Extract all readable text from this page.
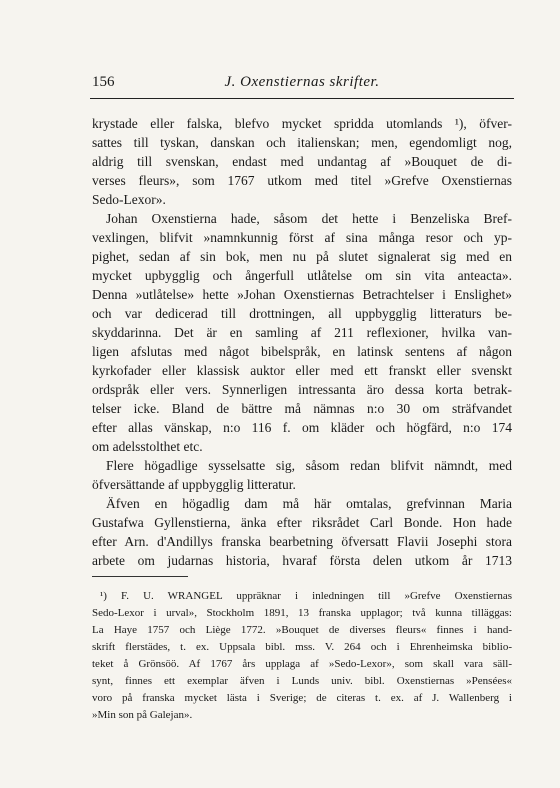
156	J. Oxenstiernas skrifter.
krystade eller falska, blefvo mycket spridda utomlands ¹), öfver-
sattes till tyskan, danskan och italienskan; men, egendomligt nog,
aldrig till svenskan, endast med undantag af »Bouquet de di-
verses fleurs», som 1767 utkom med titel »Grefve Oxenstiernas
Sedo-Lexor».
Johan Oxenstierna hade, såsom det hette i Benzeliska Bref-
vexlingen, blifvit »namnkunnig först af sina många resor och yp-
pighet, sedan af sin bok, men nu på slutet signalerat sig med en
mycket upbygglig och ångerfull utlåtelse om sin vita anteacta».
Denna »utlåtelse» hette »Johan Oxenstiernas Betrachtelser i Enslighet»
och var dedicerad till drottningen, all uppbygglig litteraturs be-
skyddarinna. Det är en samling af 211 reflexioner, hvilka van-
ligen afslutas med något bibelspråk, en latinsk sentens af någon
kyrkofader eller klassisk auktor eller med ett franskt eller svenskt
ordspråk eller vers. Synnerligen intressanta äro dessa korta betrak-
telser icke. Bland de bättre må nämnas n:o 30 om sträfvandet
efter allas vänskap, n:o 116 f. om kläder och högfärd, n:o 174
om adelsstolthet etc.
Flere högadlige sysselsatte sig, såsom redan blifvit nämndt, med
öfversättande af uppbygglig litteratur.
Äfven en högadlig dam må här omtalas, grefvinnan Maria
Gustafwa Gyllenstierna, änka efter riksrådet Carl Bonde. Hon hade
efter Arn. d'Andillys franska bearbetning öfversatt Flavii Josephi stora
arbete om judarnas historia, hvaraf första delen utkom år 1713
¹) F. U. WRANGEL uppräknar i inledningen till »Grefve Oxenstiernas
Sedo-Lexor i urval», Stockholm 1891, 13 franska upplagor; två kunna tilläggas:
La Haye 1757 och Liège 1772. »Bouquet de diverses fleurs« finnes i hand-
skrift flerstädes, t. ex. Uppsala bibl. mss. V. 264 och i Ehrenheimska biblio-
teket å Grönsöö. Af 1767 års upplaga af »Sedo-Lexor», som skall vara säll-
synt, finnes ett exemplar äfven i Lunds univ. bibl. Oxenstiernas »Pensées«
voro på franska mycket lästa i Sverige; de citeras t. ex. af J. Wallenberg i
»Min son på Galejan».
